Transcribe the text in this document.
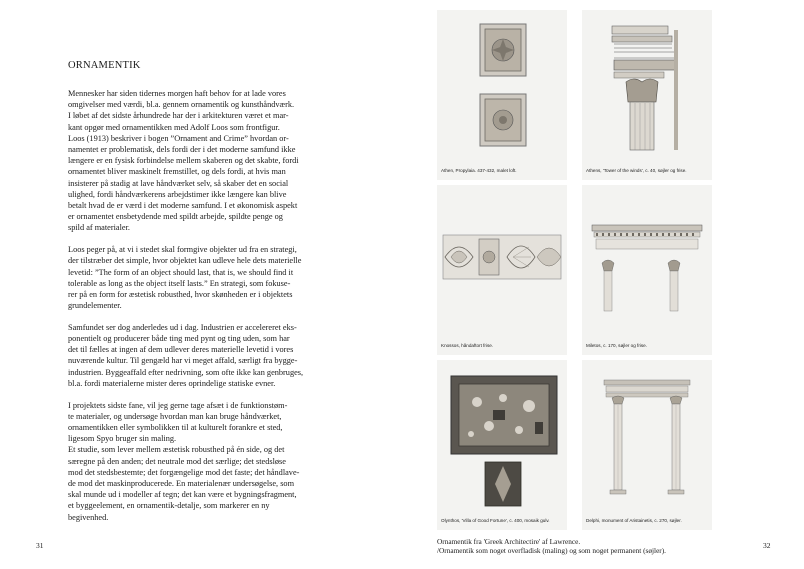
ORNAMENTIK

Mennesker har siden tidernes morgen haft behov for at lade vores
omgivelser med værdi, bl.a. gennem ornamentik og kunsthåndværk.
I løbet af det sidste århundrede har der i arkitekturen været et mar-
kant opgør med ornamentikken med Adolf Loos som frontfigur.
Loos (1913) beskriver i bogen ”Ornament and Crime” hvordan or-
namentet er problematisk, dels fordi der i det moderne samfund ikke
længere er en fysisk forbindelse mellem skaberen og det skabte, fordi
ornamentet bliver maskinelt fremstillet, og dels fordi, at hvis man
insisterer på stadig at lave håndværket selv, så skaber det en social
ulighed, fordi håndværkerens arbejdstimer ikke længere kan blive
betalt hvad de er værd i det moderne samfund. I et økonomisk aspekt
er ornamentet ensbetydende med spildt arbejde, spildte penge og
spild af materialer.

Loos peger på, at vi i stedet skal formgive objekter ud fra en strategi,
der tilstræber det simple, hvor objektet kan udleve hele dets materielle
levetid: ”The form of an object should last, that is, we should find it
tolerable as long as the object itself lasts.” En strategi, som fokuse-
rer på en form for æstetisk robusthed, hvor skønheden er i objektets
grundelementer.

Samfundet ser dog anderledes ud i dag. Industrien er accelereret eks-
ponentielt og producerer både ting med pynt og ting uden, som har
det til fælles at ingen af dem udlever deres materielle levetid i vores
nuværende kultur. Til gengæld har vi meget affald, særligt fra bygge-
industrien. Byggeaffald efter nedrivning, som ofte ikke kan genbruges,
bl.a. fordi materialerne mister deres oprindelige statiske evner.

I projektets sidste fane, vil jeg gerne tage afsæt i de funktionstøm-
te materialer, og undersøge hvordan man kan bruge håndværket,
ornamentikken eller symbolikken til at kulturelt forankre et sted,
ligesom Spyo bruger sin maling.
Et studie, som lever mellem æstetisk robusthed på én side, og det
særegne på den anden; det neutrale mod det særlige; det stedsløse
mod det stedsbestemte; det forgængelige mod det faste; det håndlave-
de mod det maskinproducerede. En materialenær undersøgelse, som
skal munde ud i modeller af tegn; det kan være et bygningsfragment,
et byggeelement, en ornamentik-detalje, som markerer en ny
begivenhed.

31
Athen, Propylaia. 437-432, malet loft.	Athens, 'Tower of the winds', c. 40, søjler og frise.
Knossos, håndaftort frise.	Miletos, c. 170, søjler og frise.
Olynthos, 'Villa of Good Fortune', c. 400, mosaik gulv.	Delphi, monument of Aristainetis, c. 270, søjler.
Ornamentik fra 'Greek Architectire' af Lawrence.
/Ornamentik som noget overfladisk (maling) og som noget permanent (søjler).
32
